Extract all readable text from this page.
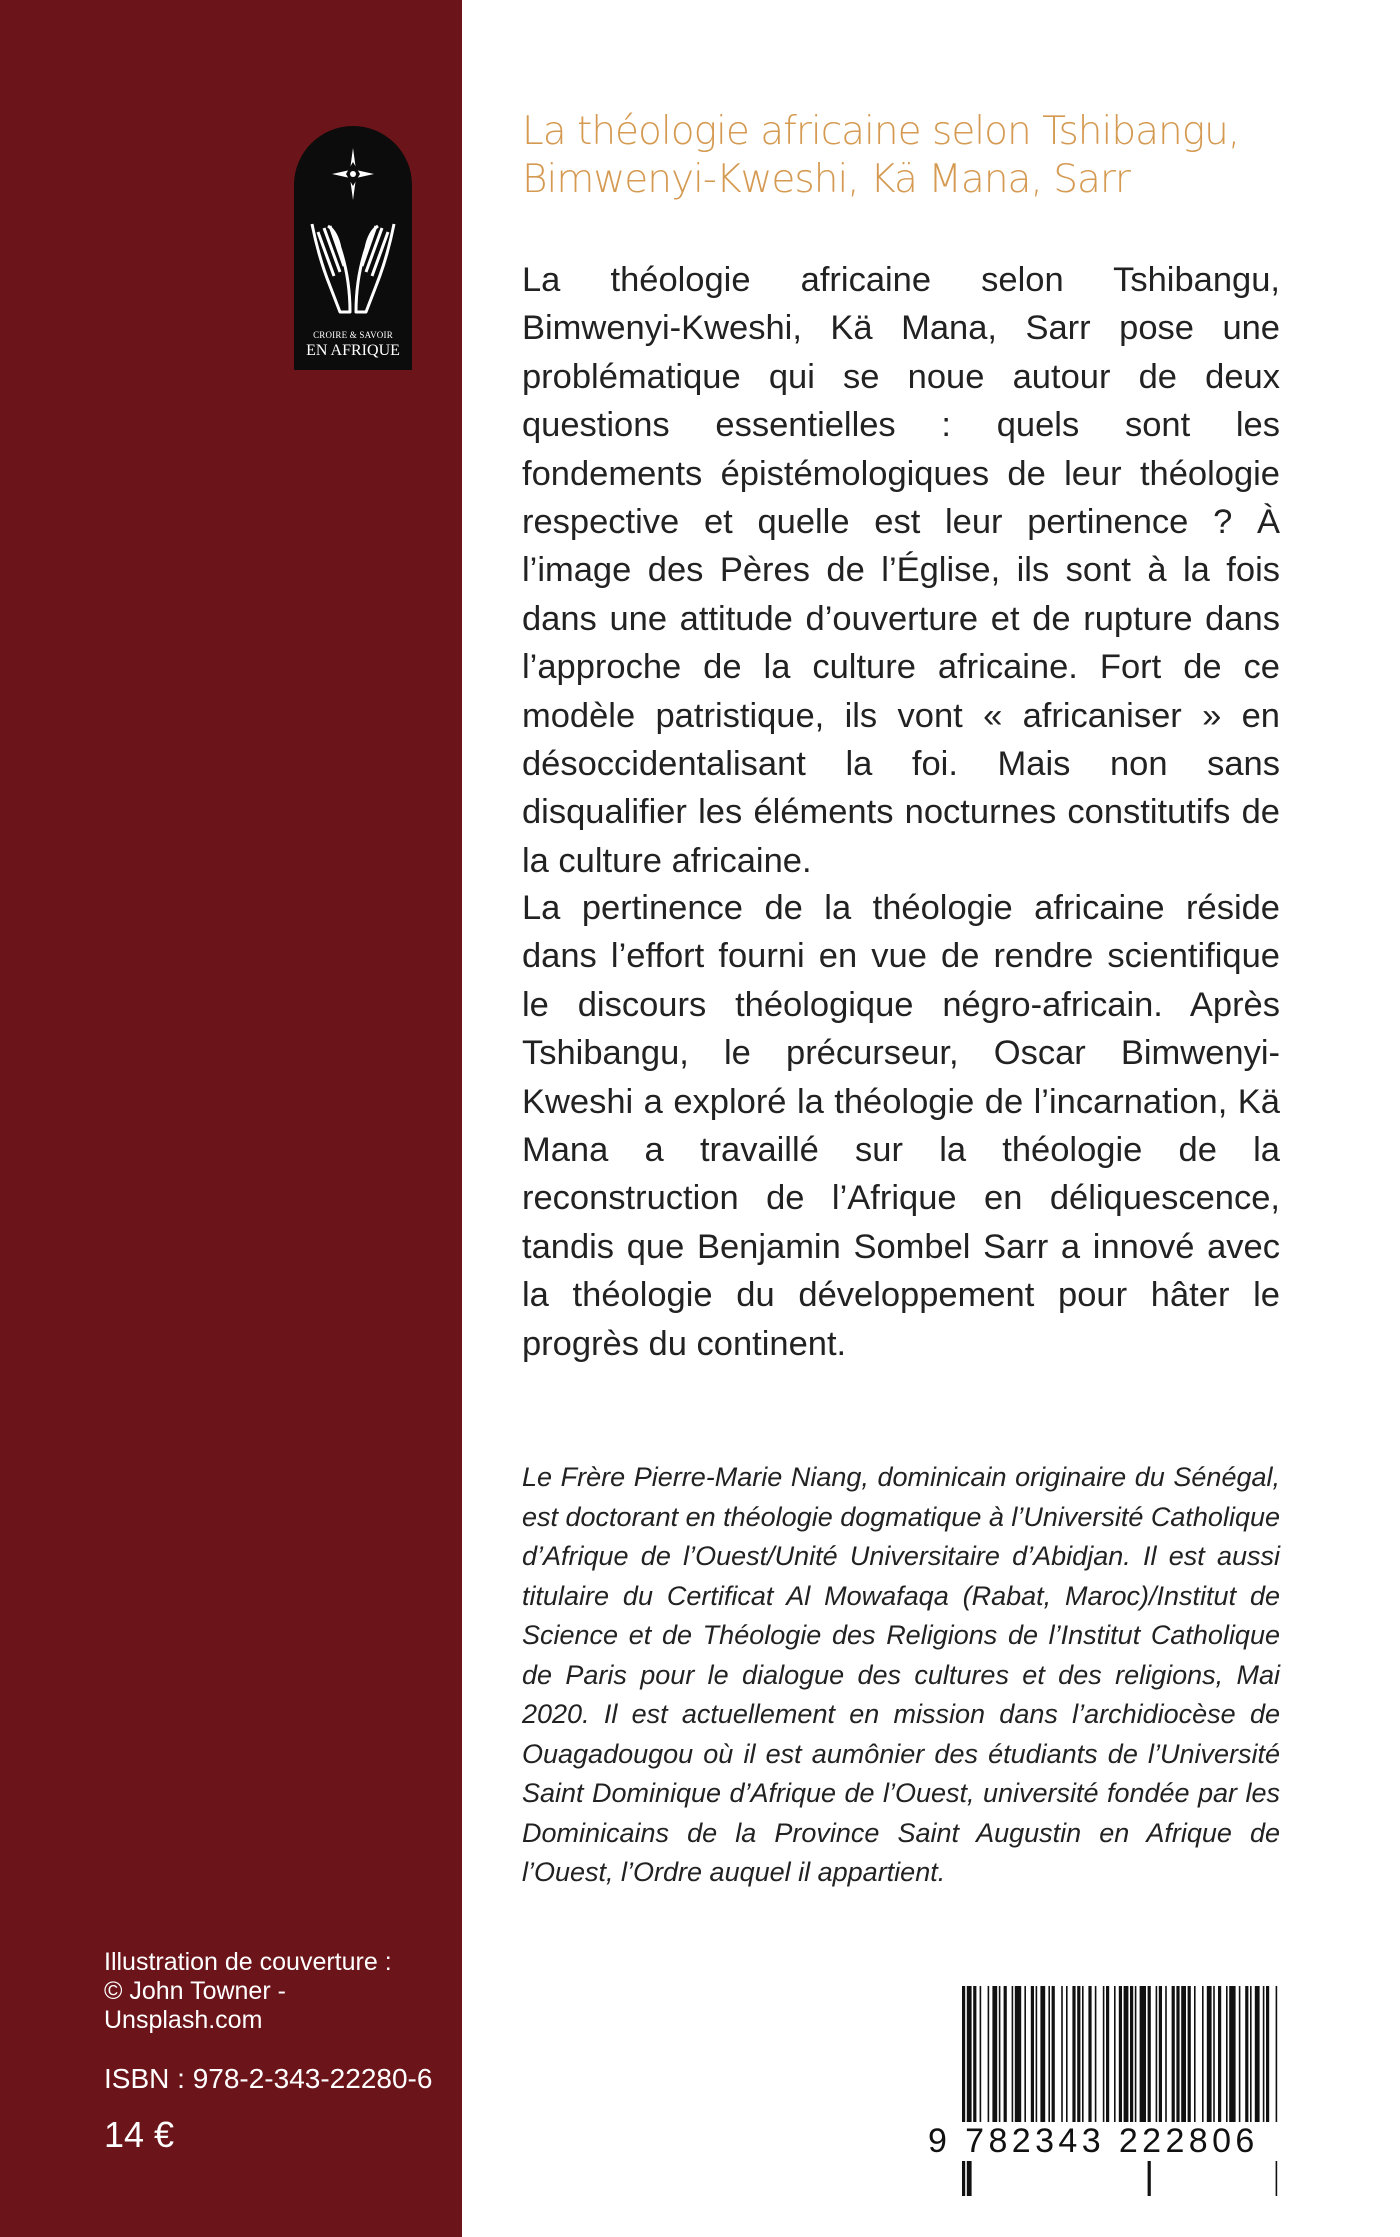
CROIRE & SAVOIR
EN AFRIQUE
Illustration de couverture :
© John Towner -
Unsplash.com
ISBN : 978-2-343-22280-6
14 €
La théologie africaine selon Tshibangu,
Bimwenyi-Kweshi, Kä Mana, Sarr
La théologie africaine selon Tshibangu, Bimwenyi-Kweshi, Kä Mana, Sarr pose une problématique qui se noue autour de deux questions essentielles : quels sont les fondements épistémologiques de leur théologie respective et quelle est leur pertinence ? À l’image des Pères de l’Église, ils sont à la fois dans une attitude d’ouverture et de rupture dans l’approche de la culture africaine. Fort de ce modèle patristique, ils vont « africaniser » en désoccidentalisant la foi. Mais non sans disqualifier les éléments nocturnes constitutifs de la culture africaine.
La pertinence de la théologie africaine réside dans l’effort fourni en vue de rendre scientifique le discours théologique négro-africain. Après Tshibangu, le précurseur, Oscar Bimwenyi-Kweshi a exploré la théologie de l’incarnation, Kä Mana a travaillé sur la théologie de la reconstruction de l’Afrique en déliquescence, tandis que Benjamin Sombel Sarr a innové avec la théologie du développement pour hâter le progrès du continent.
Le Frère Pierre-Marie Niang, dominicain originaire du Sénégal, est doctorant en théologie dogmatique à l’Université Catholique d’Afrique de l’Ouest/Unité Universitaire d’Abidjan. Il est aussi titulaire du Certificat Al Mowafaqa (Rabat, Maroc)/Institut de Science et de Théologie des Religions de l’Institut Catholique de Paris pour le dialogue des cultures et des religions, Mai 2020. Il est actuellement en mission dans l’archidiocèse de Ouagadougou où il est aumônier des étudiants de l’Université Saint Dominique d’Afrique de l’Ouest, université fondée par les Dominicains de la Province Saint Augustin en Afrique de l’Ouest, l’Ordre auquel il appartient.
9 782343 222806
